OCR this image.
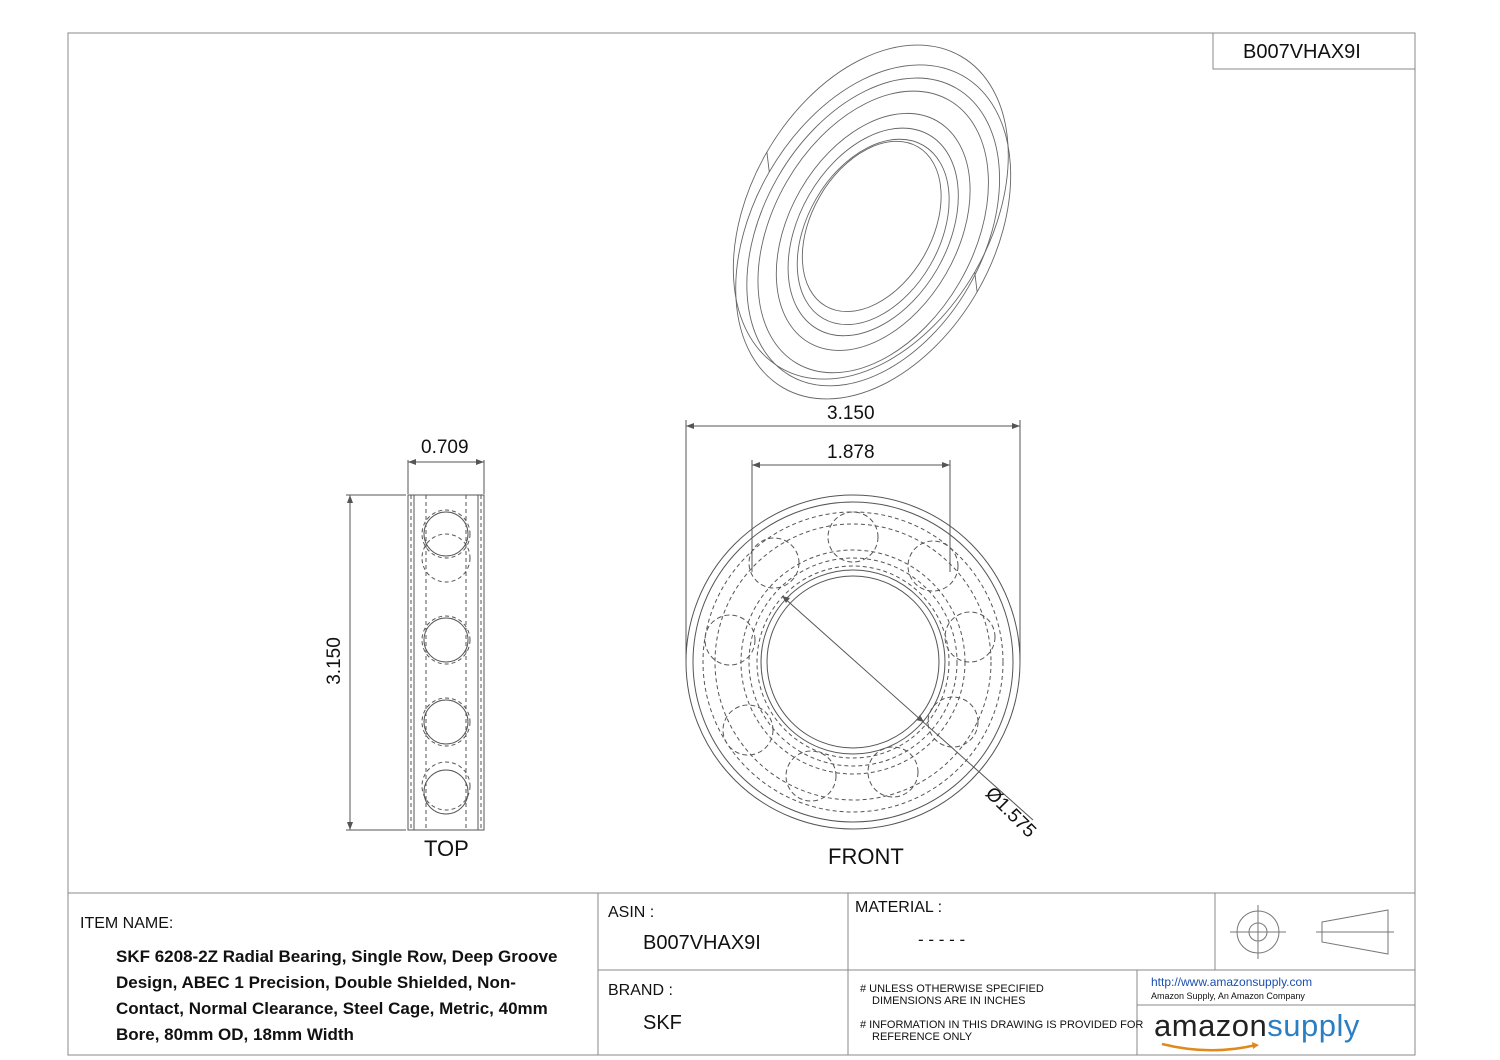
B007VHAX9I
0.709
3.150
3.150
1.878
Ø1.575
TOP	FRONT
ITEM NAME:
SKF 6208-2Z Radial Bearing, Single Row, Deep Groove Design, ABEC 1 Precision, Double Shielded, Non-Contact, Normal Clearance, Steel Cage, Metric, 40mm Bore, 80mm OD, 18mm Width
ASIN :
B007VHAX9I
BRAND :
SKF
MATERIAL :
- - - - -
# UNLESS OTHERWISE SPECIFIED
DIMENSIONS ARE IN INCHES
# INFORMATION IN THIS DRAWING IS PROVIDED FOR
REFERENCE ONLY
http://www.amazonsupply.com
Amazon Supply, An Amazon Company
amazonsupply
